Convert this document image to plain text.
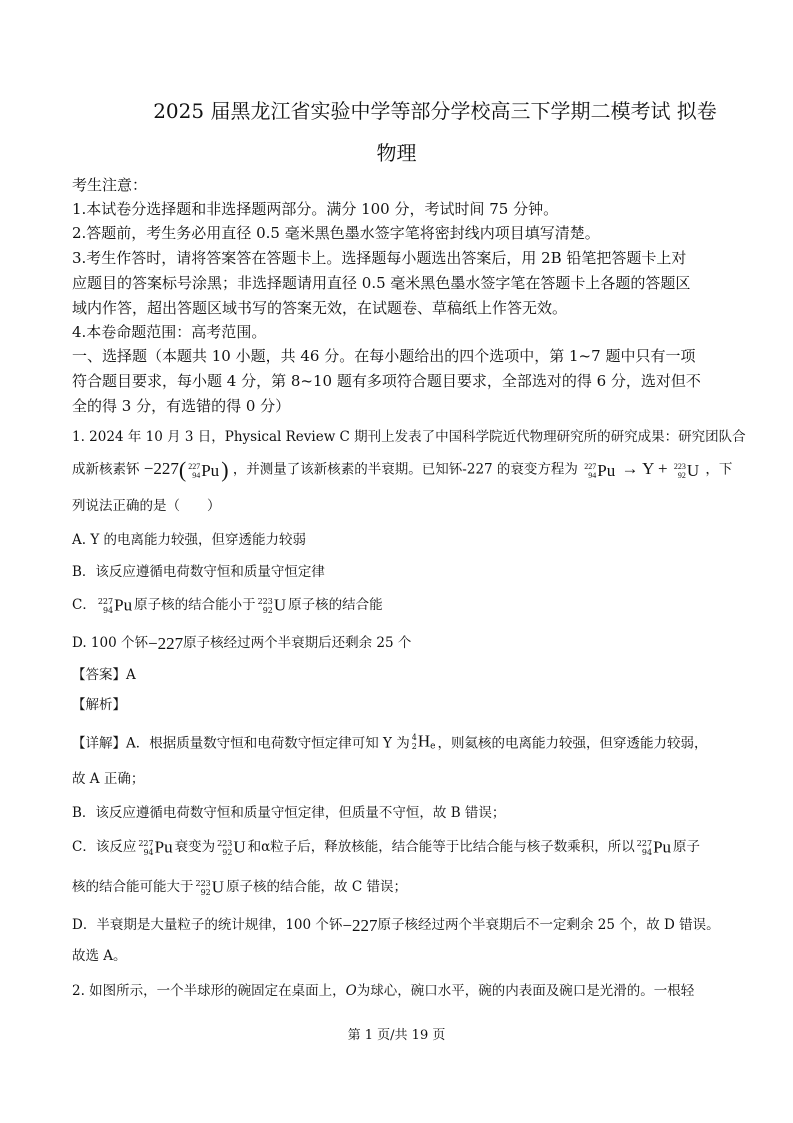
2025 届黑龙江省实验中学等部分学校高三下学期二模考试 拟卷
物理
考生注意：
1.本试卷分选择题和非选择题两部分。满分 100 分，考试时间 75 分钟。
2.答题前，考生务必用直径 0.5 毫米黑色墨水签字笔将密封线内项目填写清楚。
3.考生作答时，请将答案答在答题卡上。选择题每小题选出答案后，用 2B 铅笔把答题卡上对
应题目的答案标号涂黑；非选择题请用直径 0.5 毫米黑色墨水签字笔在答题卡上各题的答题区
域内作答，超出答题区域书写的答案无效，在试题卷、草稿纸上作答无效。
4.本卷命题范围：高考范围。
一、选择题（本题共 10 小题，共 46 分。在每小题给出的四个选项中，第 1~7 题中只有一项
符合题目要求，每小题 4 分，第 8~10 题有多项符合题目要求，全部选对的得 6 分，选对但不
全的得 3 分，有选错的得 0 分）
1. 2024 年 10 月 3 日，Physical Review C 期刊上发表了中国科学院近代物理研究所的研究成果：研究团队合
成新核素钚 −227( 227
94 Pu) ，并测量了该新核素的半衰期。已知钚-227 的衰变方程为 227
94 Pu → Y + 223
92 U ，下
列说法正确的是（　　）
A. Y 的电离能力较强，但穿透能力较弱
B．该反应遵循电荷数守恒和质量守恒定律
C． 227
94 Pu 原子核的结合能小于 223
92 U 原子核的结合能
D. 100 个钚−227原子核经过两个半衰期后还剩余 25 个
【答案】A
【解析】
【详解】A．根据质量数守恒和电荷数守恒定律可知 Y 为 4
2 $H_e$ ，则氦核的电离能力较强，但穿透能力较弱，
故 A 正确；
B．该反应遵循电荷数守恒和质量守恒定律，但质量不守恒，故 B 错误；
C．该反应 227
94 Pu 衰变为 223
92 U 和α粒子后，释放核能，结合能等于比结合能与核子数乘积，所以 227
94 Pu 原子
核的结合能可能大于 223
92 U 原子核的结合能，故 C 错误；
D．半衰期是大量粒子的统计规律，100 个钚−227原子核经过两个半衰期后不一定剩余 25 个，故 D 错误。
故选 A。
2. 如图所示，一个半球形的碗固定在桌面上，O为球心，碗口水平，碗的内表面及碗口是光滑的。一根轻
第 1 页/共 19 页
